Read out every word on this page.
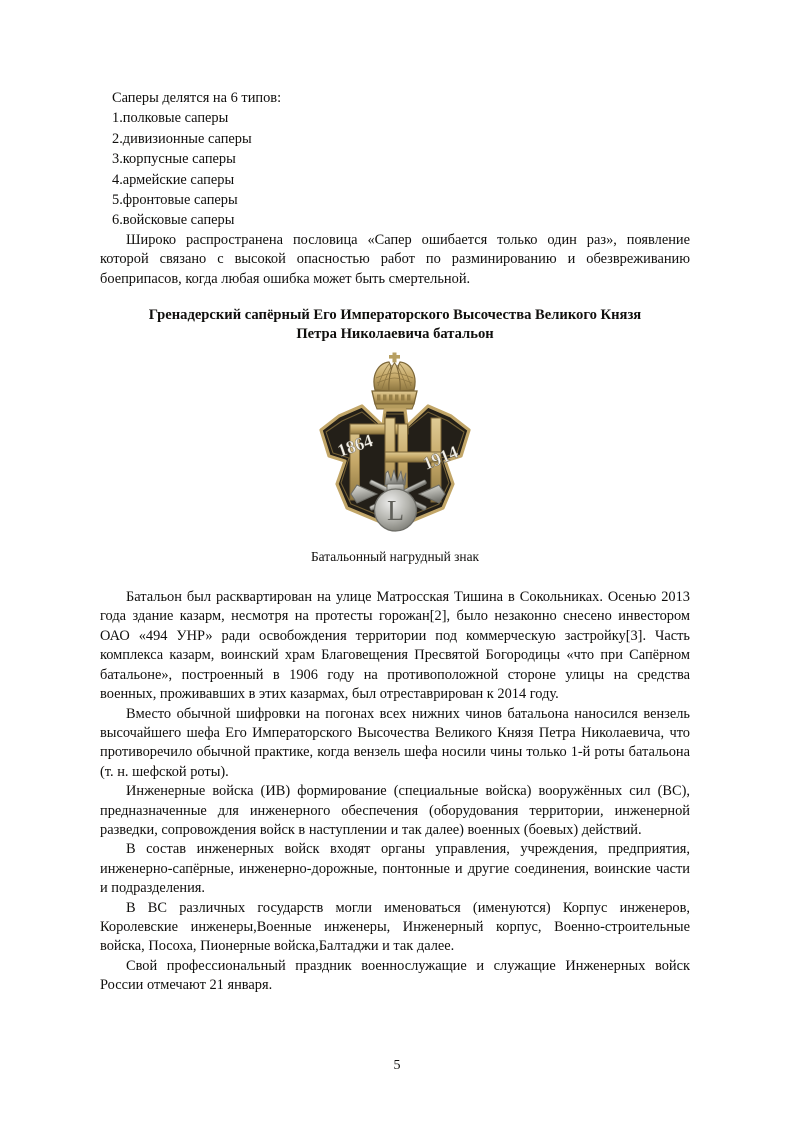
Саперы делятся на 6 типов:
1.полковые саперы
2.дивизионные саперы
3.корпусные саперы
4.армейские саперы
5.фронтовые саперы
6.войсковые саперы

Широко распространена пословица «Сапер ошибается только один раз», появление которой связано с высокой опасностью работ по разминированию и обезвреживанию боеприпасов, когда любая ошибка может быть смертельной.

Гренадерский сапёрный Его Императорского Высочества Великого Князя
Петра Николаевича батальон
1864 1914
L
Батальонный нагрудный знак

Батальон был расквартирован на улице Матросская Тишина в Сокольниках. Осенью 2013 года здание казарм, несмотря на протесты горожан[2], было незаконно снесено инвестором ОАО «494 УНР» ради освобождения территории под коммерческую застройку[3]. Часть комплекса казарм, воинский храм Благовещения Пресвятой Богородицы «что при Сапёрном батальоне», построенный в 1906 году на противоположной стороне улицы на средства военных, проживавших в этих казармах, был отреставрирован к 2014 году.

Вместо обычной шифровки на погонах всех нижних чинов батальона наносился вензель высочайшего шефа Его Императорского Высочества Великого Князя Петра Николаевича, что противоречило обычной практике, когда вензель шефа носили чины только 1-й роты батальона (т. н. шефской роты).

Инженерные войска (ИВ) формирование (специальные войска) вооружённых сил (ВС), предназначенные для инженерного обеспечения (оборудования территории, инженерной разведки, сопровождения войск в наступлении и так далее) военных (боевых) действий.

В состав инженерных войск входят органы управления, учреждения, предприятия, инженерно-сапёрные, инженерно-дорожные, понтонные и другие соединения, воинские части и подразделения.

В ВС различных государств могли именоваться (именуются) Корпус инженеров, Королевские инженеры,Военные инженеры, Инженерный корпус, Военно-строительные войска, Посоха, Пионерные войска,Балтаджи и так далее.

Свой профессиональный праздник военнослужащие и служащие Инженерных войск России отмечают 21 января.

5
